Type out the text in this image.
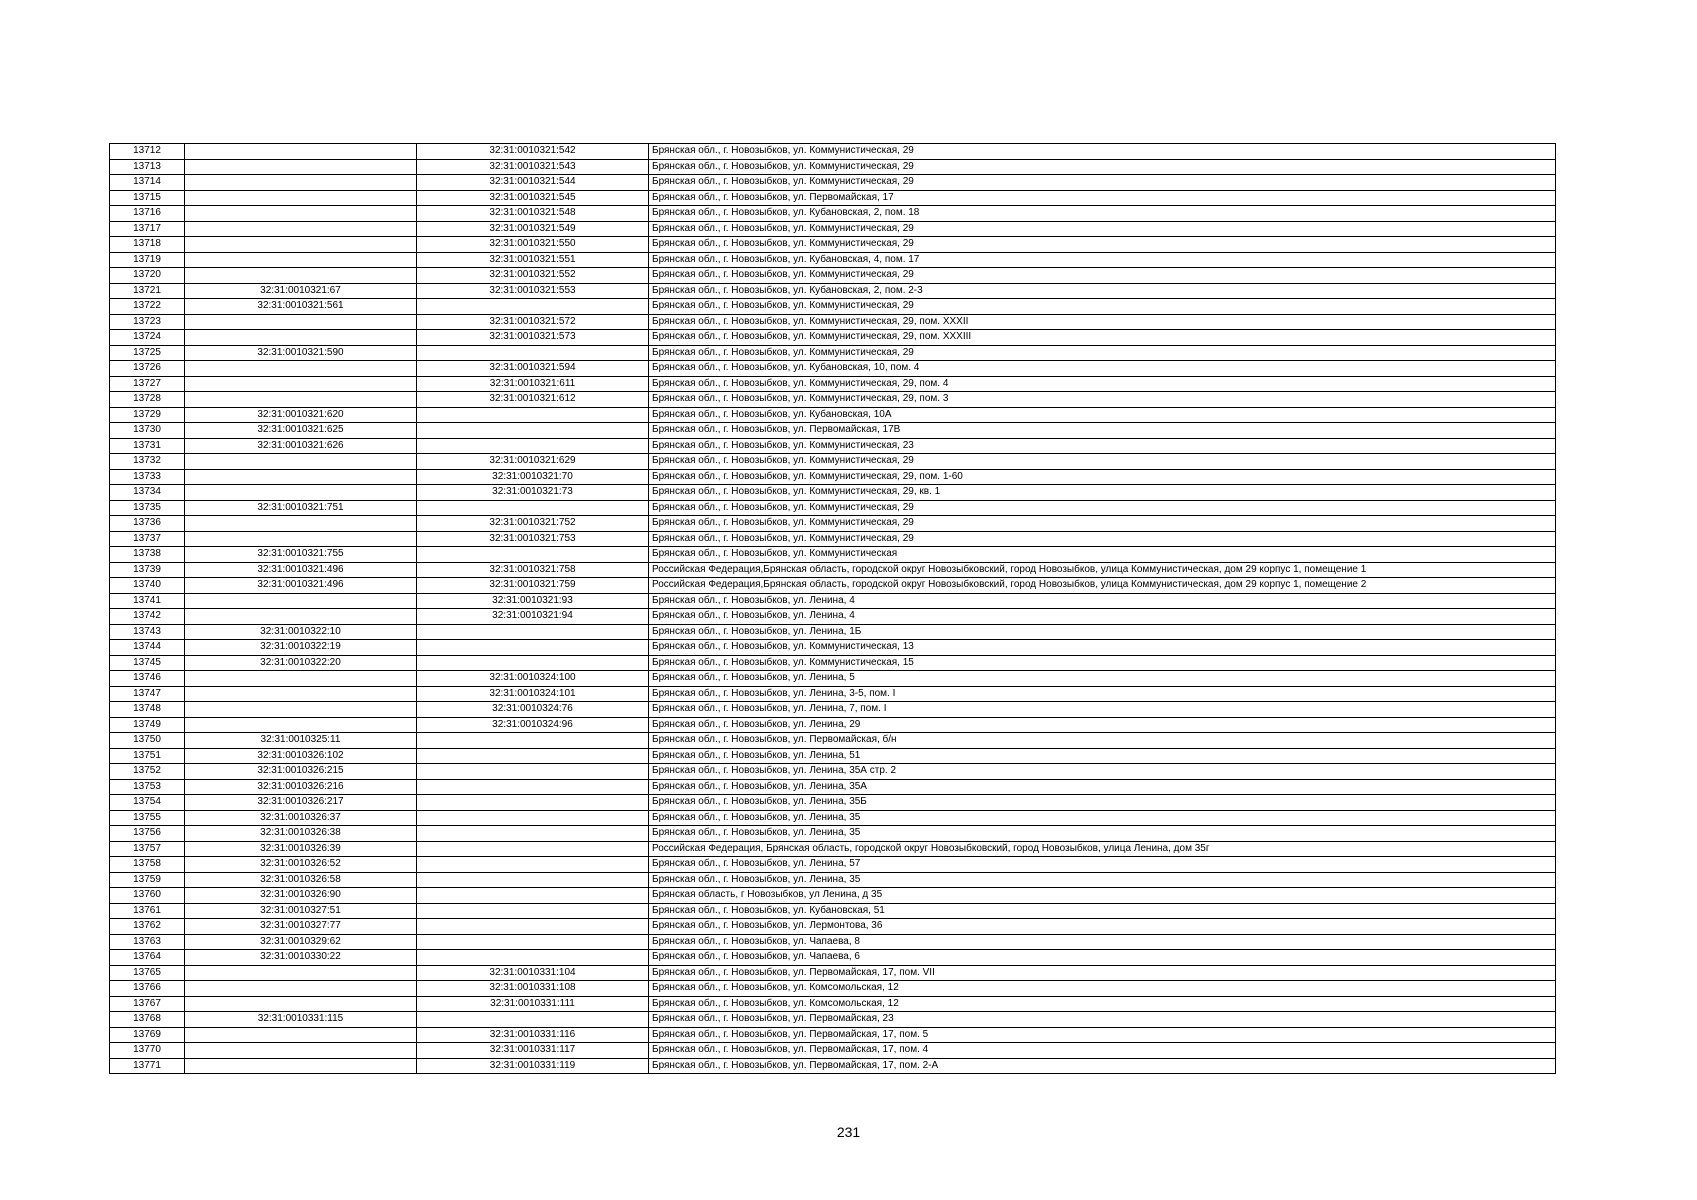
13712		32:31:0010321:542	Брянская обл., г. Новозыбков, ул. Коммунистическая, 29
13713		32:31:0010321:543	Брянская обл., г. Новозыбков, ул. Коммунистическая, 29
13714		32:31:0010321:544	Брянская обл., г. Новозыбков, ул. Коммунистическая, 29
13715		32:31:0010321:545	Брянская обл., г. Новозыбков, ул. Первомайская, 17
13716		32:31:0010321:548	Брянская обл., г. Новозыбков, ул. Кубановская, 2, пом. 18
13717		32:31:0010321:549	Брянская обл., г. Новозыбков, ул. Коммунистическая, 29
13718		32:31:0010321:550	Брянская обл., г. Новозыбков, ул. Коммунистическая, 29
13719		32:31:0010321:551	Брянская обл., г. Новозыбков, ул. Кубановская, 4, пом. 17
13720		32:31:0010321:552	Брянская обл., г. Новозыбков, ул. Коммунистическая, 29
13721	32:31:0010321:67	32:31:0010321:553	Брянская обл., г. Новозыбков, ул. Кубановская, 2, пом. 2-3
13722	32:31:0010321:561		Брянская обл., г. Новозыбков, ул. Коммунистическая, 29
13723		32:31:0010321:572	Брянская обл., г. Новозыбков, ул. Коммунистическая, 29, пом. XXXII
13724		32:31:0010321:573	Брянская обл., г. Новозыбков, ул. Коммунистическая, 29, пом. XXXIII
13725	32:31:0010321:590		Брянская обл., г. Новозыбков, ул. Коммунистическая, 29
13726		32:31:0010321:594	Брянская обл., г. Новозыбков, ул. Кубановская, 10, пом. 4
13727		32:31:0010321:611	Брянская обл., г. Новозыбков, ул. Коммунистическая, 29, пом. 4
13728		32:31:0010321:612	Брянская обл., г. Новозыбков, ул. Коммунистическая, 29, пом. 3
13729	32:31:0010321:620		Брянская обл., г. Новозыбков, ул. Кубановская, 10А
13730	32:31:0010321:625		Брянская обл., г. Новозыбков, ул. Первомайская, 17В
13731	32:31:0010321:626		Брянская обл., г. Новозыбков, ул. Коммунистическая, 23
13732		32:31:0010321:629	Брянская обл., г. Новозыбков, ул. Коммунистическая, 29
13733		32:31:0010321:70	Брянская обл., г. Новозыбков, ул. Коммунистическая, 29, пом. 1-60
13734		32:31:0010321:73	Брянская обл., г. Новозыбков, ул. Коммунистическая, 29, кв. 1
13735	32:31:0010321:751		Брянская обл., г. Новозыбков, ул. Коммунистическая, 29
13736		32:31:0010321:752	Брянская обл., г. Новозыбков, ул. Коммунистическая, 29
13737		32:31:0010321:753	Брянская обл., г. Новозыбков, ул. Коммунистическая, 29
13738	32:31:0010321:755		Брянская обл., г. Новозыбков, ул. Коммунистическая
13739	32:31:0010321:496	32:31:0010321:758	Российская Федерация,Брянская область, городской округ Новозыбковский, город Новозыбков, улица Коммунистическая, дом 29 корпус 1, помещение 1
13740	32:31:0010321:496	32:31:0010321:759	Российская Федерация,Брянская область, городской округ Новозыбковский, город Новозыбков, улица Коммунистическая, дом 29 корпус 1, помещение 2
13741		32:31:0010321:93	Брянская обл., г. Новозыбков, ул. Ленина, 4
13742		32:31:0010321:94	Брянская обл., г. Новозыбков, ул. Ленина, 4
13743	32:31:0010322:10		Брянская обл., г. Новозыбков, ул. Ленина, 1Б
13744	32:31:0010322:19		Брянская обл., г. Новозыбков, ул. Коммунистическая, 13
13745	32:31:0010322:20		Брянская обл., г. Новозыбков, ул. Коммунистическая, 15
13746		32:31:0010324:100	Брянская обл., г. Новозыбков, ул. Ленина, 5
13747		32:31:0010324:101	Брянская обл., г. Новозыбков, ул. Ленина, 3-5, пом. I
13748		32:31:0010324:76	Брянская обл., г. Новозыбков, ул. Ленина, 7, пом. I
13749		32:31:0010324:96	Брянская обл., г. Новозыбков, ул. Ленина, 29
13750	32:31:0010325:11		Брянская обл., г. Новозыбков, ул. Первомайская, б/н
13751	32:31:0010326:102		Брянская обл., г. Новозыбков, ул. Ленина, 51
13752	32:31:0010326:215		Брянская обл., г. Новозыбков, ул. Ленина, 35А стр. 2
13753	32:31:0010326:216		Брянская обл., г. Новозыбков, ул. Ленина, 35А
13754	32:31:0010326:217		Брянская обл., г. Новозыбков, ул. Ленина, 35Б
13755	32:31:0010326:37		Брянская обл., г. Новозыбков, ул. Ленина, 35
13756	32:31:0010326:38		Брянская обл., г. Новозыбков, ул. Ленина, 35
13757	32:31:0010326:39		Российская Федерация, Брянская область, городской округ Новозыбковский, город Новозыбков, улица Ленина, дом 35г
13758	32:31:0010326:52		Брянская обл., г. Новозыбков, ул. Ленина, 57
13759	32:31:0010326:58		Брянская обл., г. Новозыбков, ул. Ленина, 35
13760	32:31:0010326:90		Брянская область, г Новозыбков, ул Ленина, д 35
13761	32:31:0010327:51		Брянская обл., г. Новозыбков, ул. Кубановская, 51
13762	32:31:0010327:77		Брянская обл., г. Новозыбков, ул. Лермонтова, 36
13763	32:31:0010329:62		Брянская обл., г. Новозыбков, ул. Чапаева, 8
13764	32:31:0010330:22		Брянская обл., г. Новозыбков, ул. Чапаева, 6
13765		32:31:0010331:104	Брянская обл., г. Новозыбков, ул. Первомайская, 17, пом. VII
13766		32:31:0010331:108	Брянская обл., г. Новозыбков, ул. Комсомольская, 12
13767		32:31:0010331:111	Брянская обл., г. Новозыбков, ул. Комсомольская, 12
13768	32:31:0010331:115		Брянская обл., г. Новозыбков, ул. Первомайская, 23
13769		32:31:0010331:116	Брянская обл., г. Новозыбков, ул. Первомайская, 17, пом. 5
13770		32:31:0010331:117	Брянская обл., г. Новозыбков, ул. Первомайская, 17, пом. 4
13771		32:31:0010331:119	Брянская обл., г. Новозыбков, ул. Первомайская, 17, пом. 2-А
231
